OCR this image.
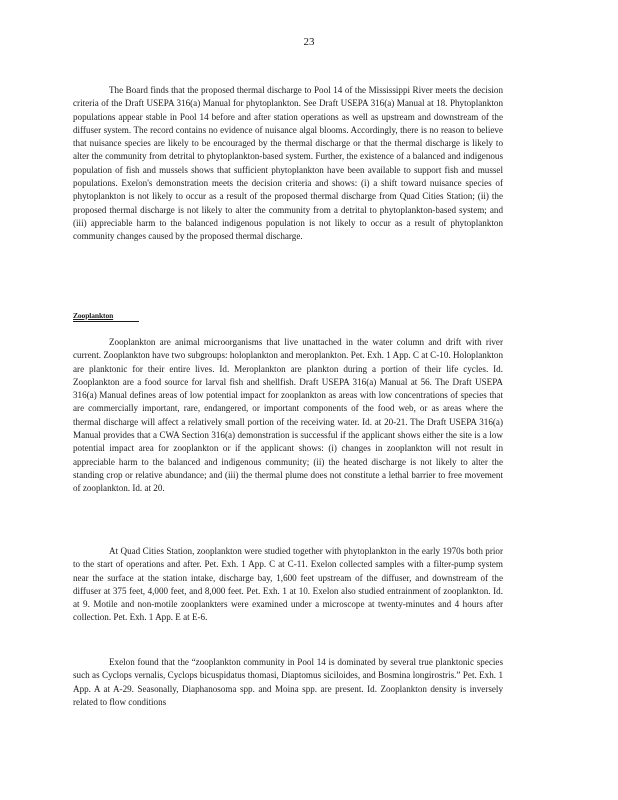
23

The Board finds that the proposed thermal discharge to Pool 14 of the Mississippi River meets the decision criteria of the Draft USEPA 316(a) Manual for phytoplankton. See Draft USEPA 316(a) Manual at 18. Phytoplankton populations appear stable in Pool 14 before and after station operations as well as upstream and downstream of the diffuser system. The record contains no evidence of nuisance algal blooms. Accordingly, there is no reason to believe that nuisance species are likely to be encouraged by the thermal discharge or that the thermal discharge is likely to alter the community from detrital to phytoplankton-based system. Further, the existence of a balanced and indigenous population of fish and mussels shows that sufficient phytoplankton have been available to support fish and mussel populations. Exelon's demonstration meets the decision criteria and shows: (i) a shift toward nuisance species of phytoplankton is not likely to occur as a result of the proposed thermal discharge from Quad Cities Station; (ii) the proposed thermal discharge is not likely to alter the community from a detrital to phytoplankton-based system; and (iii) appreciable harm to the balanced indigenous population is not likely to occur as a result of phytoplankton community changes caused by the proposed thermal discharge.

Zooplankton

Zooplankton are animal microorganisms that live unattached in the water column and drift with river current. Zooplankton have two subgroups: holoplankton and meroplankton. Pet. Exh. 1 App. C at C-10. Holoplankton are planktonic for their entire lives. Id. Meroplankton are plankton during a portion of their life cycles. Id. Zooplankton are a food source for larval fish and shellfish. Draft USEPA 316(a) Manual at 56. The Draft USEPA 316(a) Manual defines areas of low potential impact for zooplankton as areas with low concentrations of species that are commercially important, rare, endangered, or important components of the food web, or as areas where the thermal discharge will affect a relatively small portion of the receiving water. Id. at 20-21. The Draft USEPA 316(a) Manual provides that a CWA Section 316(a) demonstration is successful if the applicant shows either the site is a low potential impact area for zooplankton or if the applicant shows: (i) changes in zooplankton will not result in appreciable harm to the balanced and indigenous community; (ii) the heated discharge is not likely to alter the standing crop or relative abundance; and (iii) the thermal plume does not constitute a lethal barrier to free movement of zooplankton. Id. at 20.

At Quad Cities Station, zooplankton were studied together with phytoplankton in the early 1970s both prior to the start of operations and after. Pet. Exh. 1 App. C at C-11. Exelon collected samples with a filter-pump system near the surface at the station intake, discharge bay, 1,600 feet upstream of the diffuser, and downstream of the diffuser at 375 feet, 4,000 feet, and 8,000 feet. Pet. Exh. 1 at 10. Exelon also studied entrainment of zooplankton. Id. at 9. Motile and non-motile zooplankters were examined under a microscope at twenty-minutes and 4 hours after collection. Pet. Exh. 1 App. E at E-6.

Exelon found that the “zooplankton community in Pool 14 is dominated by several true planktonic species such as Cyclops vernalis, Cyclops bicuspidatus thomasi, Diaptomus siciloides, and Bosmina longirostris.” Pet. Exh. 1 App. A at A-29. Seasonally, Diaphanosoma spp. and Moina spp. are present. Id. Zooplankton density is inversely related to flow conditions
